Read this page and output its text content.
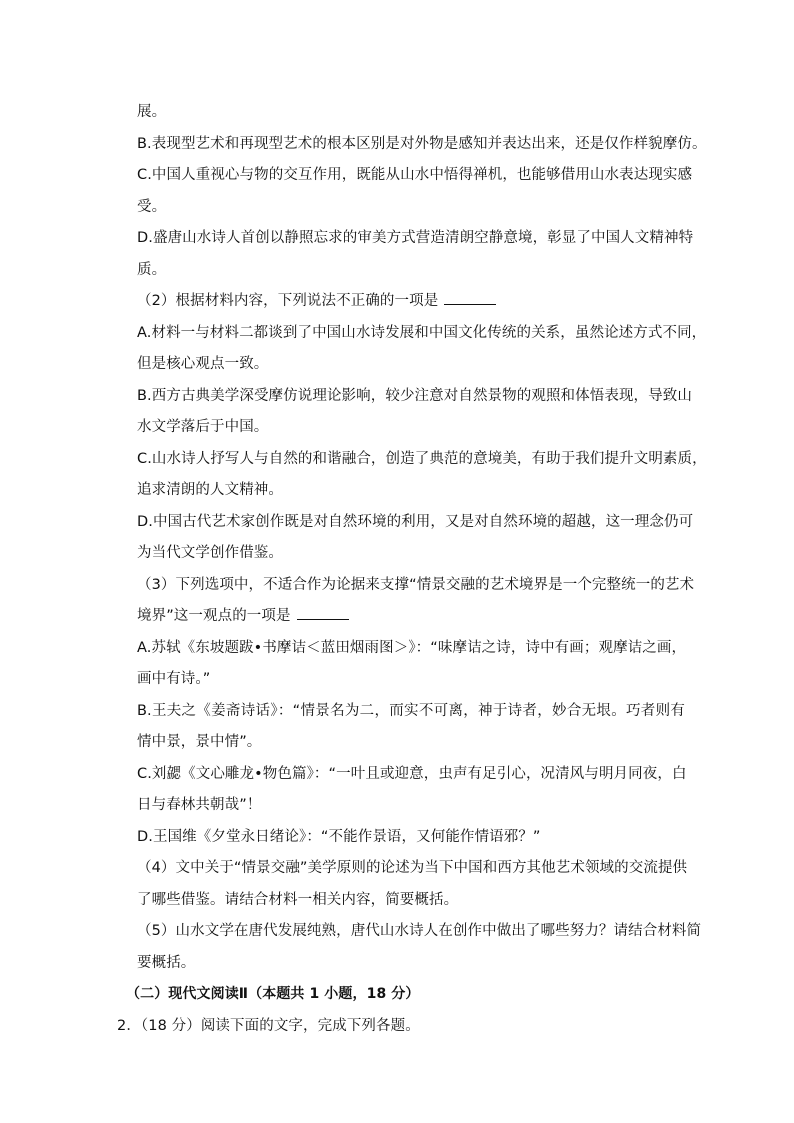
展。
B.表现型艺术和再现型艺术的根本区别是对外物是感知并表达出来，还是仅作样貌摩仿。
C.中国人重视心与物的交互作用，既能从山水中悟得禅机，也能够借用山水表达现实感
受。
D.盛唐山水诗人首创以静照忘求的审美方式营造清朗空静意境，彰显了中国人文精神特
质。
（2）根据材料内容，下列说法不正确的一项是
A.材料一与材料二都谈到了中国山水诗发展和中国文化传统的关系，虽然论述方式不同，
但是核心观点一致。
B.西方古典美学深受摩仿说理论影响，较少注意对自然景物的观照和体悟表现，导致山
水文学落后于中国。
C.山水诗人抒写人与自然的和谐融合，创造了典范的意境美，有助于我们提升文明素质，
追求清朗的人文精神。
D.中国古代艺术家创作既是对自然环境的利用，又是对自然环境的超越，这一理念仍可
为当代文学创作借鉴。
（3）下列选项中，不适合作为论据来支撑“情景交融的艺术境界是一个完整统一的艺术
境界”这一观点的一项是
A.苏轼《东坡题跋•书摩诘＜蓝田烟雨图＞》：“味摩诘之诗，诗中有画；观摩诘之画，
画中有诗。”
B.王夫之《姜斋诗话》：“情景名为二，而实不可离，神于诗者，妙合无垠。巧者则有
情中景，景中情”。
C.刘勰《文心雕龙•物色篇》：“一叶且或迎意，虫声有足引心，况清风与明月同夜，白
日与春林共朝哉”！
D.王国维《夕堂永日绪论》：“不能作景语，又何能作情语邪？”
（4）文中关于“情景交融”美学原则的论述为当下中国和西方其他艺术领域的交流提供
了哪些借鉴。请结合材料一相关内容，简要概括。
（5）山水文学在唐代发展纯熟，唐代山水诗人在创作中做出了哪些努力？请结合材料简
要概括。
（二）现代文阅读Ⅱ（本题共 1 小题，18 分）
2．（18 分）阅读下面的文字，完成下列各题。
